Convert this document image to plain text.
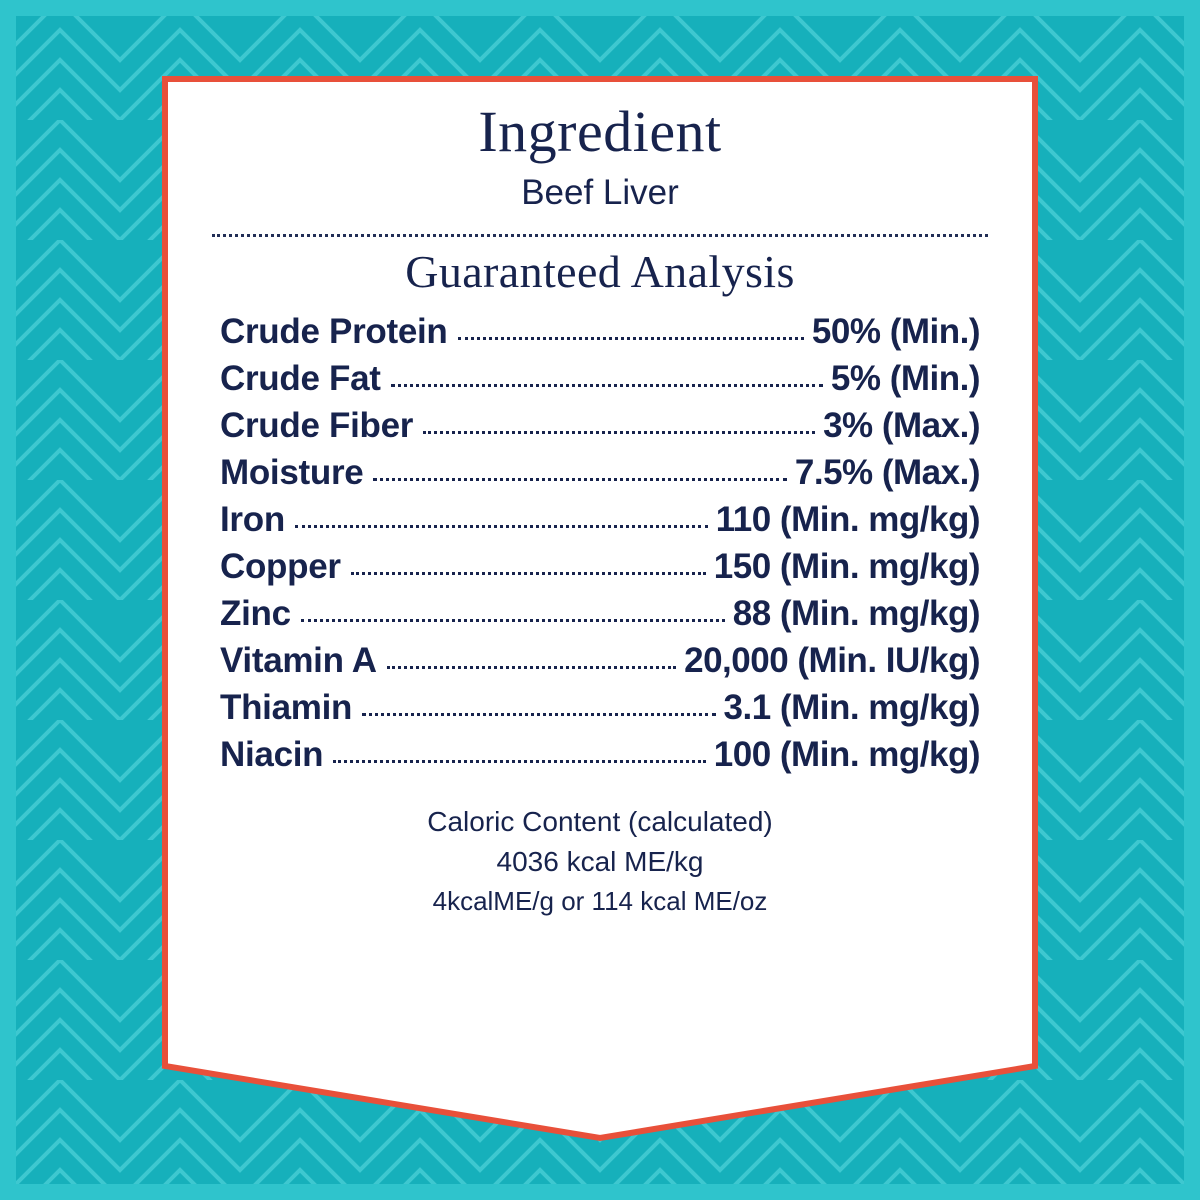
Ingredient
Beef Liver
Guaranteed Analysis
Crude Protein	50% (Min.)
Crude Fat	5% (Min.)
Crude Fiber	3% (Max.)
Moisture	7.5% (Max.)
Iron	110 (Min. mg/kg)
Copper	150 (Min. mg/kg)
Zinc	88 (Min. mg/kg)
Vitamin A	20,000 (Min. IU/kg)
Thiamin	3.1 (Min. mg/kg)
Niacin	100 (Min. mg/kg)
Caloric Content (calculated)
4036 kcal ME/kg
4kcalME/g or 114 kcal ME/oz
